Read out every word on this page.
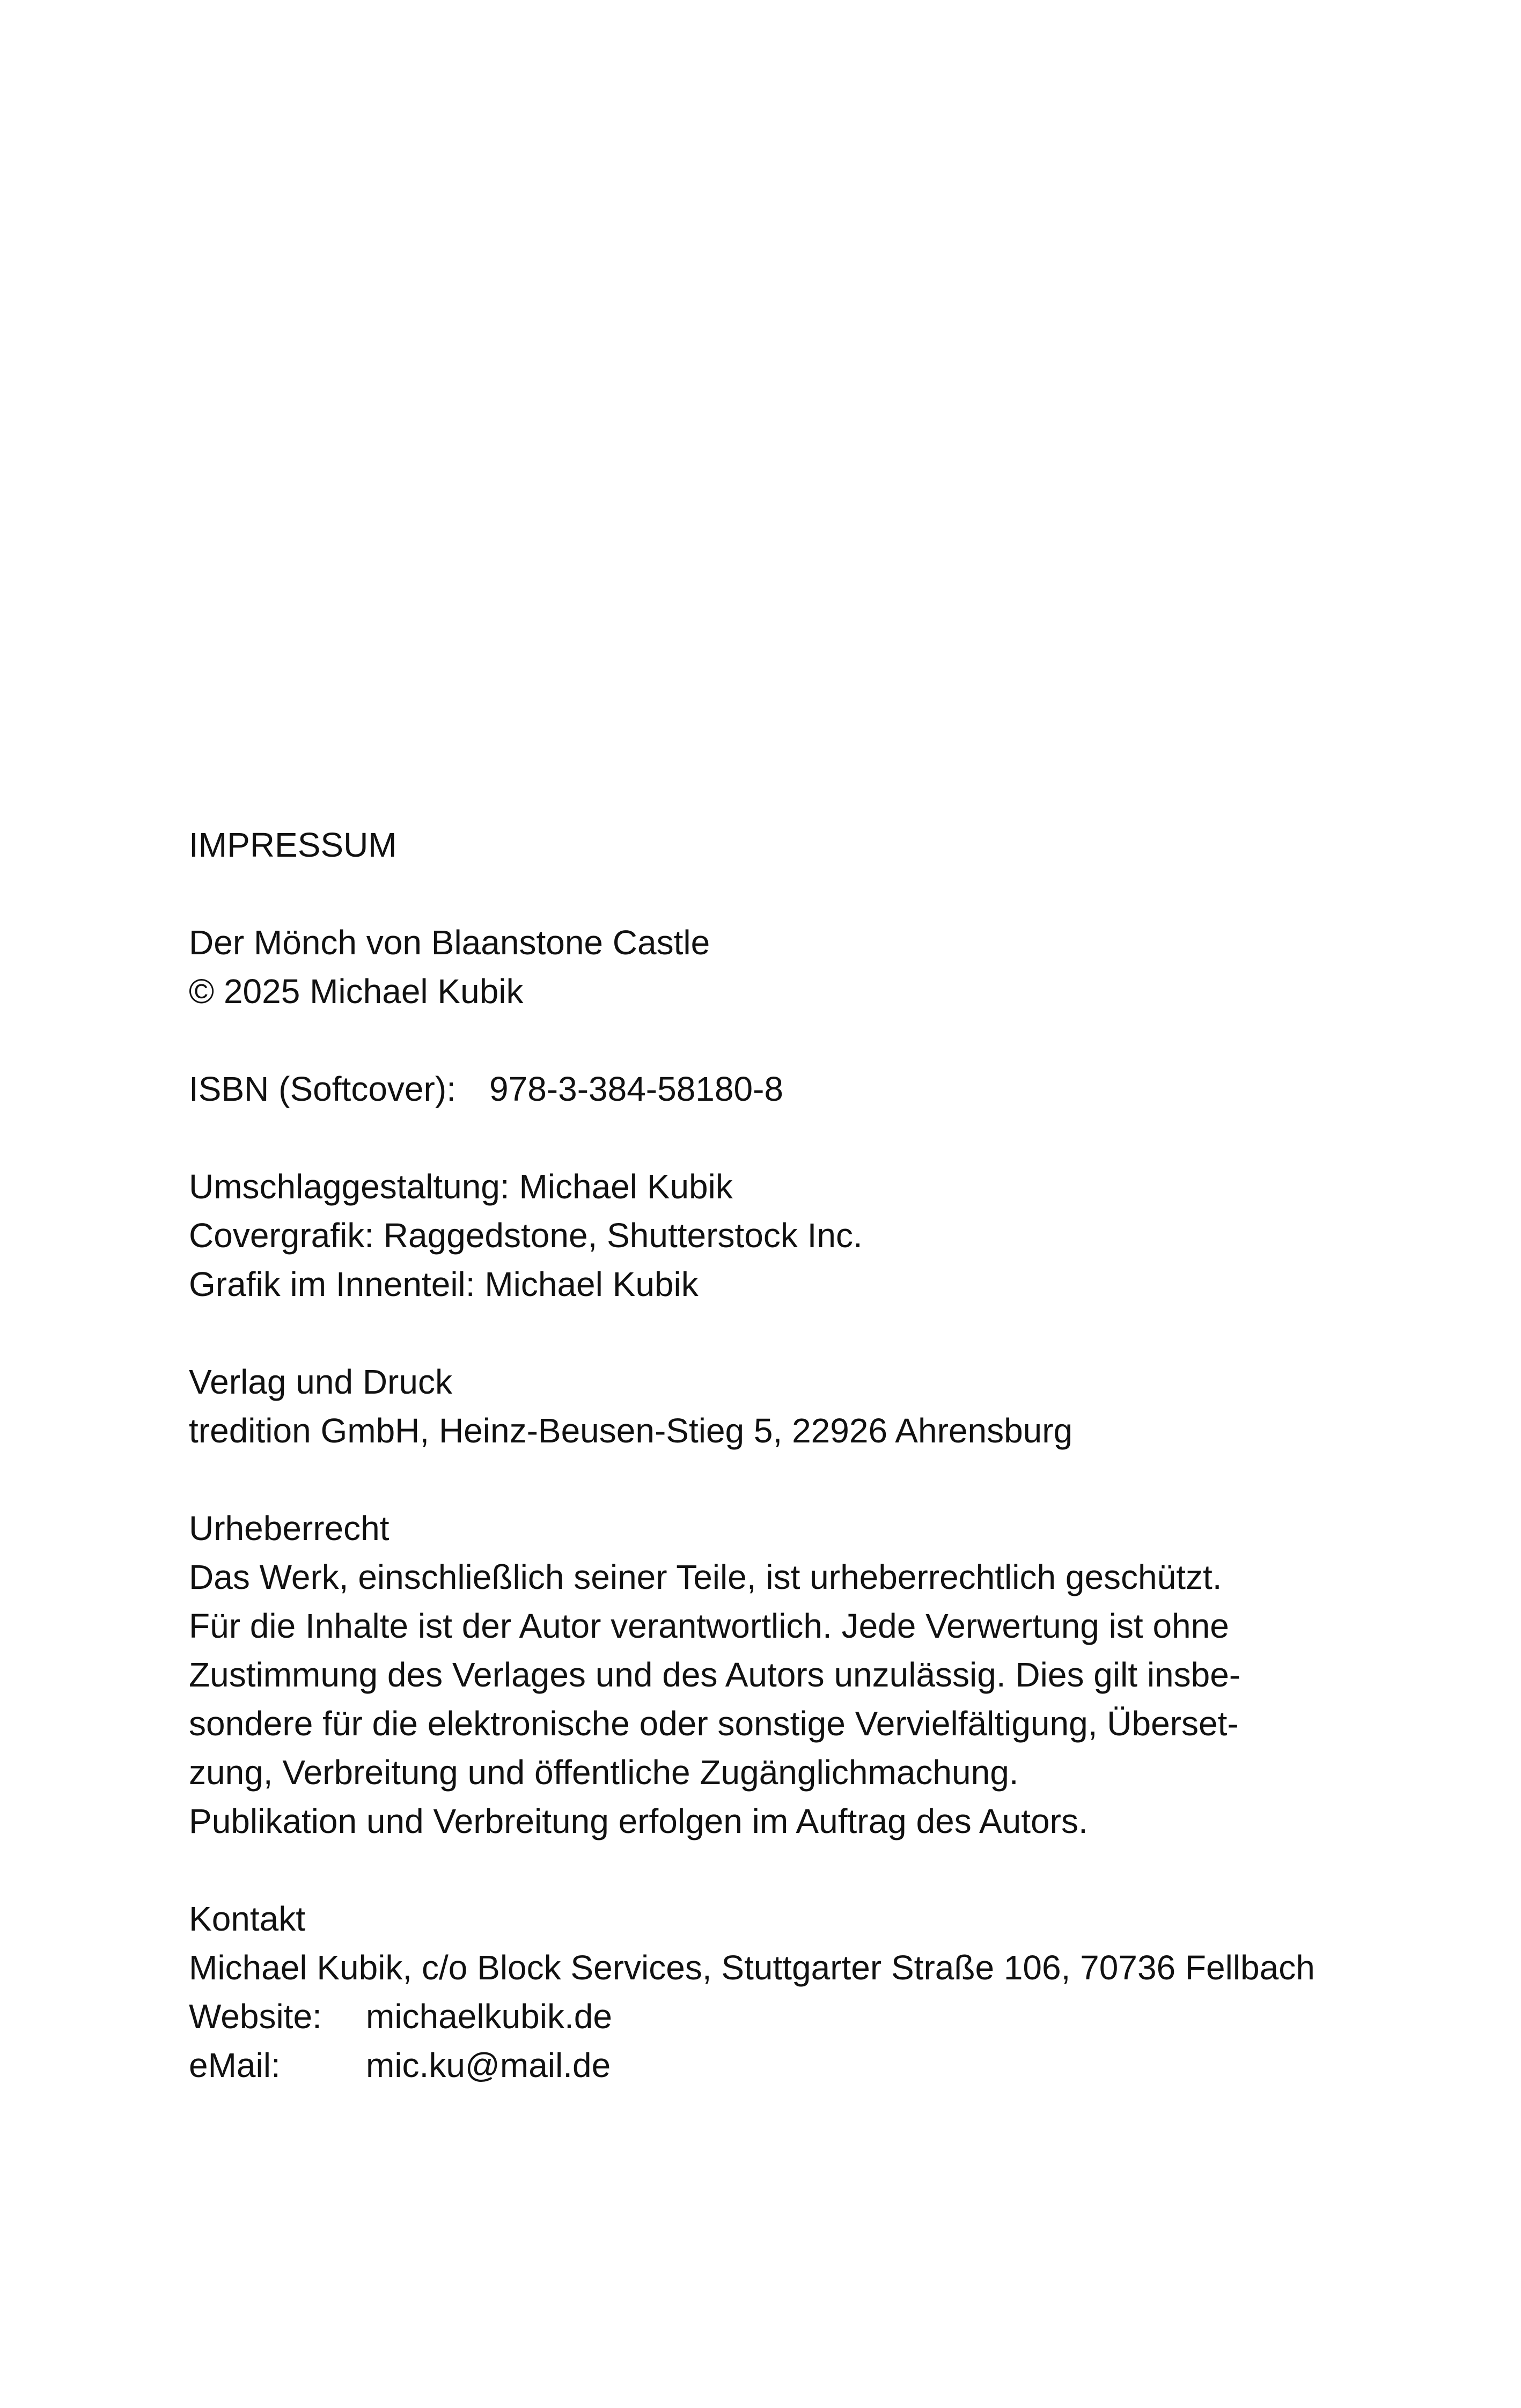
IMPRESSUM
Der Mönch von Blaanstone Castle
© 2025 Michael Kubik
ISBN (Softcover): 978-3-384-58180-8
Umschlaggestaltung: Michael Kubik
Covergrafik: Raggedstone, Shutterstock Inc.
Grafik im Innenteil: Michael Kubik
Verlag und Druck
tredition GmbH, Heinz-Beusen-Stieg 5, 22926 Ahrensburg
Urheberrecht
Das Werk, einschließlich seiner Teile, ist urheberrechtlich geschützt.
Für die Inhalte ist der Autor verantwortlich. Jede Verwertung ist ohne
Zustimmung des Verlages und des Autors unzulässig. Dies gilt insbe-
sondere für die elektronische oder sonstige Vervielfältigung, Überset-
zung, Verbreitung und öffentliche Zugänglichmachung.
Publikation und Verbreitung erfolgen im Auftrag des Autors.
Kontakt
Michael Kubik, c/o Block Services, Stuttgarter Straße 106, 70736 Fellbach
Website:	michaelkubik.de
eMail:	mic.ku@mail.de
